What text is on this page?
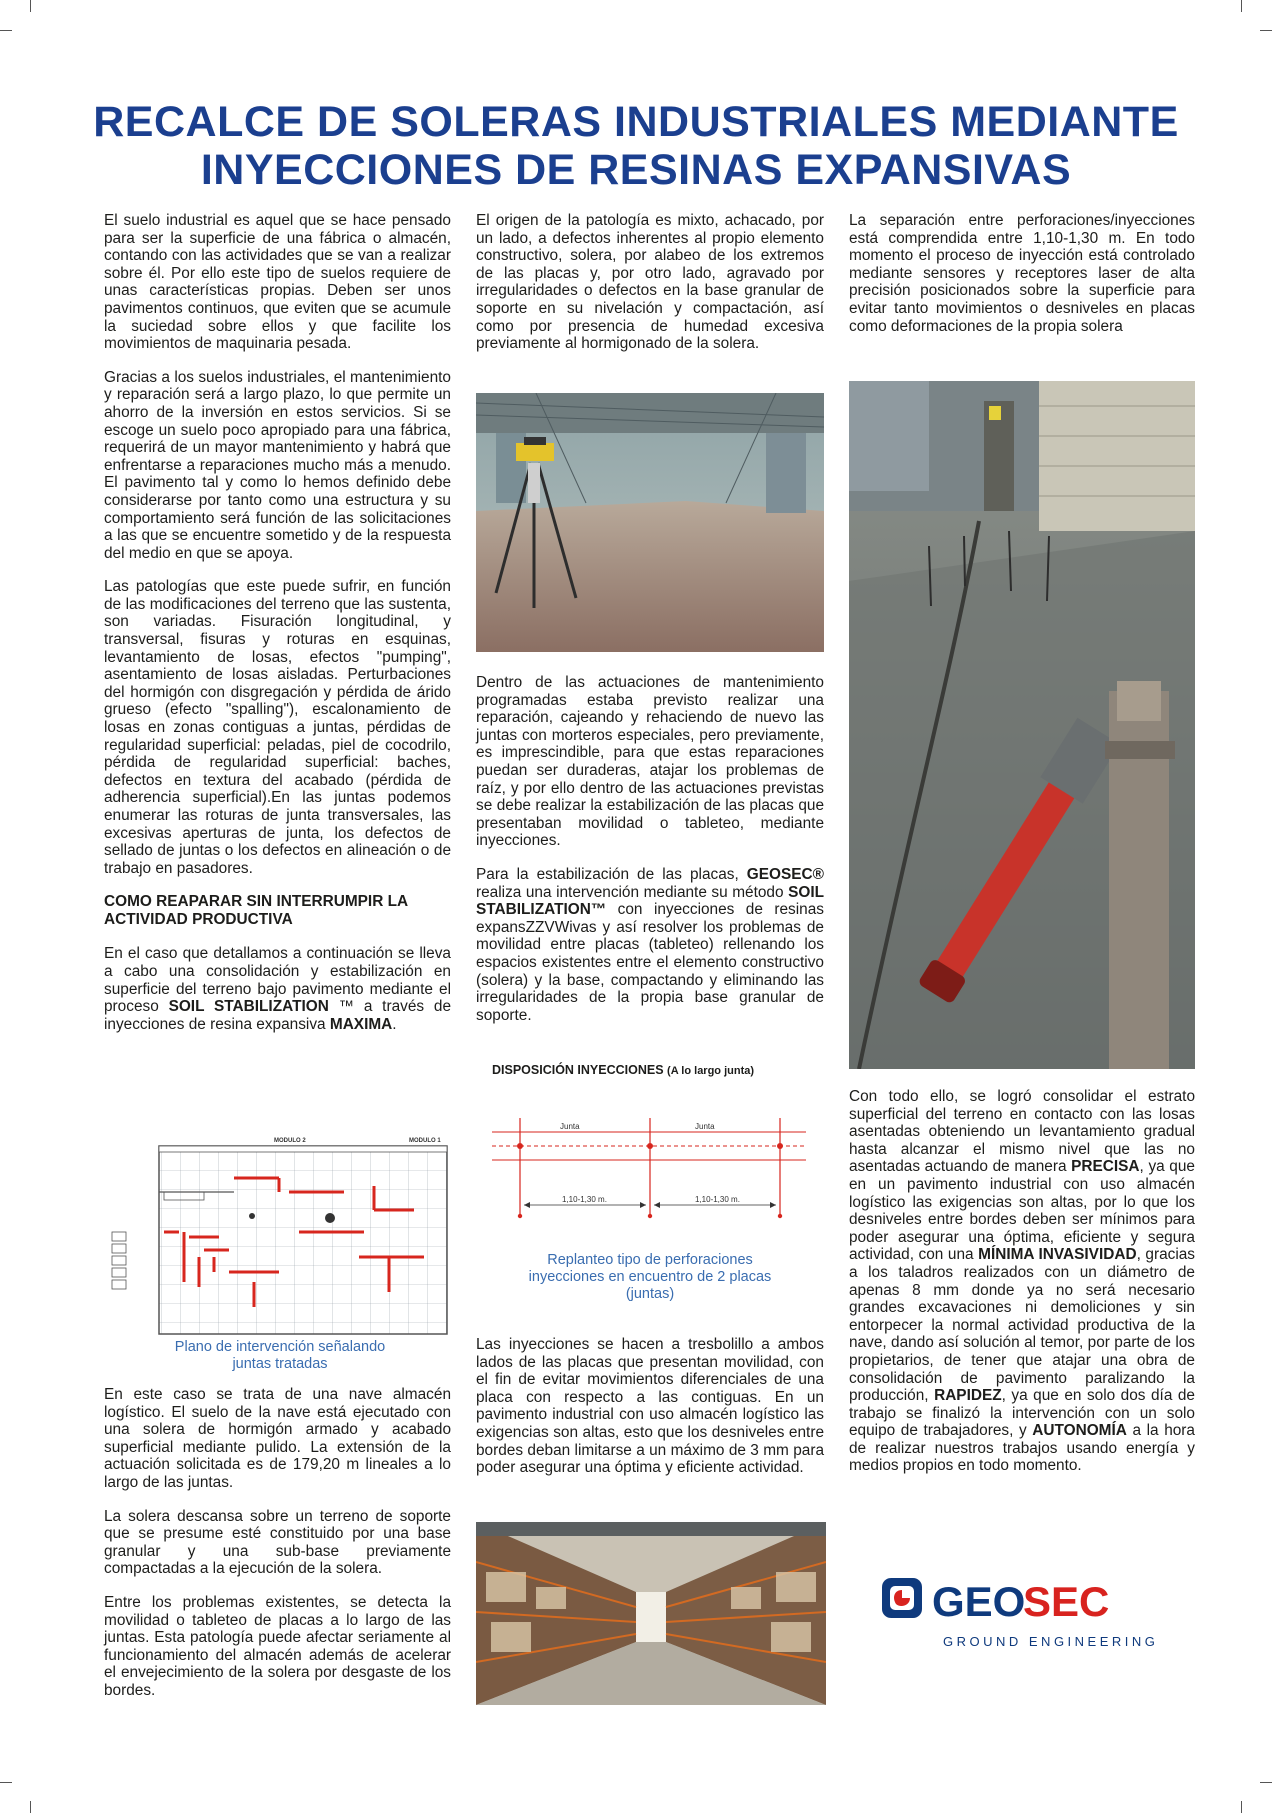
RECALCE DE SOLERAS INDUSTRIALES MEDIANTE
INYECCIONES DE RESINAS EXPANSIVAS

El suelo industrial es aquel que se hace pensado para ser la superficie de una fábrica o almacén, contando con las actividades que se van a realizar sobre él. Por ello este tipo de suelos requiere de unas características propias. Deben ser unos pavimentos continuos, que eviten que se acumule la suciedad sobre ellos y que facilite los movimientos de maquinaria pesada.

Gracias a los suelos industriales, el mantenimiento y reparación será a largo plazo, lo que permite un ahorro de la inversión en estos servicios. Si se escoge un suelo poco apropiado para una fábrica, requerirá de un mayor mantenimiento y habrá que enfrentarse a reparaciones mucho más a menudo. El pavimento tal y como lo hemos definido debe considerarse por tanto como una estructura y su comportamiento será función de las solicitaciones a las que se encuentre sometido y de la respuesta del medio en que se apoya.

Las patologías que este puede sufrir, en función de las modificaciones del terreno que las sustenta, son variadas. Fisuración longitudinal, y transversal, fisuras y roturas en esquinas, levantamiento de losas, efectos "pumping", asentamiento de losas aisladas. Perturbaciones del hormigón con disgregación y pérdida de árido grueso (efecto "spalling"), escalonamiento de losas en zonas contiguas a juntas, pérdidas de regularidad superficial: peladas, piel de cocodrilo, pérdida de regularidad superficial: baches, defectos en textura del acabado (pérdida de adherencia superficial).En las juntas podemos enumerar las roturas de junta transversales, las excesivas aperturas de junta, los defectos de sellado de juntas o los defectos en alineación o de trabajo en pasadores.

COMO REAPARAR SIN INTERRUMPIR LA ACTIVIDAD PRODUCTIVA

En el caso que detallamos a continuación se lleva a cabo una consolidación y estabilización en superficie del terreno bajo pavimento mediante el proceso SOIL STABILIZATION ™ a través de inyecciones de resina expansiva MAXIMA.

MODULO 2	MODULO 1
Plano de intervención señalando juntas tratadas

En este caso se trata de una nave almacén logístico. El suelo de la nave está ejecutado con una solera de hormigón armado y acabado superficial mediante pulido. La extensión de la actuación solicitada es de 179,20 m lineales a lo largo de las juntas.

La solera descansa sobre un terreno de soporte que se presume esté constituido por una base granular y una sub-base previamente compactadas a la ejecución de la solera.

Entre los problemas existentes, se detecta la movilidad o tableteo de placas a lo largo de las juntas. Esta patología puede afectar seriamente al funcionamiento del almacén además de acelerar el envejecimiento de la solera por desgaste de los bordes.

El origen de la patología es mixto, achacado, por un lado, a defectos inherentes al propio elemento constructivo, solera, por alabeo de los extremos de las placas y, por otro lado, agravado por irregularidades o defectos en la base granular de soporte en su nivelación y compactación, así como por presencia de humedad excesiva previamente al hormigonado de la solera.

Dentro de las actuaciones de mantenimiento programadas estaba previsto realizar una reparación, cajeando y rehaciendo de nuevo las juntas con morteros especiales, pero previamente, es imprescindible, para que estas reparaciones puedan ser duraderas, atajar los problemas de raíz, y por ello dentro de las actuaciones previstas se debe realizar la estabilización de las placas que presentaban movilidad o tableteo, mediante inyecciones.

Para la estabilización de las placas, GEOSEC® realiza una intervención mediante su método SOIL STABILIZATION™ con inyecciones de resinas expansZZVWivas y así resolver los problemas de movilidad entre placas (tableteo) rellenando los espacios existentes entre el elemento constructivo (solera) y la base, compactando y eliminando las irregularidades de la propia base granular de soporte.

DISPOSICIÓN INYECCIONES (A lo largo junta)
Junta	Junta
1,10-1,30 m.	1,10-1,30 m.
Replanteo tipo de perforaciones inyecciones en encuentro de 2 placas (juntas)

Las inyecciones se hacen a tresbolillo a ambos lados de las placas que presentan movilidad, con el fin de evitar movimientos diferenciales de una placa con respecto a las contiguas. En un pavimento industrial con uso almacén logístico las exigencias son altas, esto que los desniveles entre bordes deban limitarse a un máximo de 3 mm para poder asegurar una óptima y eficiente actividad.

La separación entre perforaciones/inyecciones está comprendida entre 1,10-1,30 m. En todo momento el proceso de inyección está controlado mediante sensores y receptores laser de alta precisión posicionados sobre la superficie para evitar tanto movimientos o desniveles en placas como deformaciones de la propia solera

Con todo ello, se logró consolidar el estrato superficial del terreno en contacto con las losas asentadas obteniendo un levantamiento gradual hasta alcanzar el mismo nivel que las no asentadas actuando de manera PRECISA, ya que en un pavimento industrial con uso almacén logístico las exigencias son altas, por lo que los desniveles entre bordes deben ser mínimos para poder asegurar una óptima, eficiente y segura actividad, con una MÍNIMA INVASIVIDAD, gracias a los taladros realizados con un diámetro de apenas 8 mm donde ya no será necesario grandes excavaciones ni demoliciones y sin entorpecer la normal actividad productiva de la nave, dando así solución al temor, por parte de los propietarios, de tener que atajar una obra de consolidación de pavimento paralizando la producción, RAPIDEZ, ya que en solo dos día de trabajo se finalizó la intervención con un solo equipo de trabajadores, y AUTONOMÍA a la hora de realizar nuestros trabajos usando energía y medios propios en todo momento.

GEO
SEC
GROUND ENGINEERING
